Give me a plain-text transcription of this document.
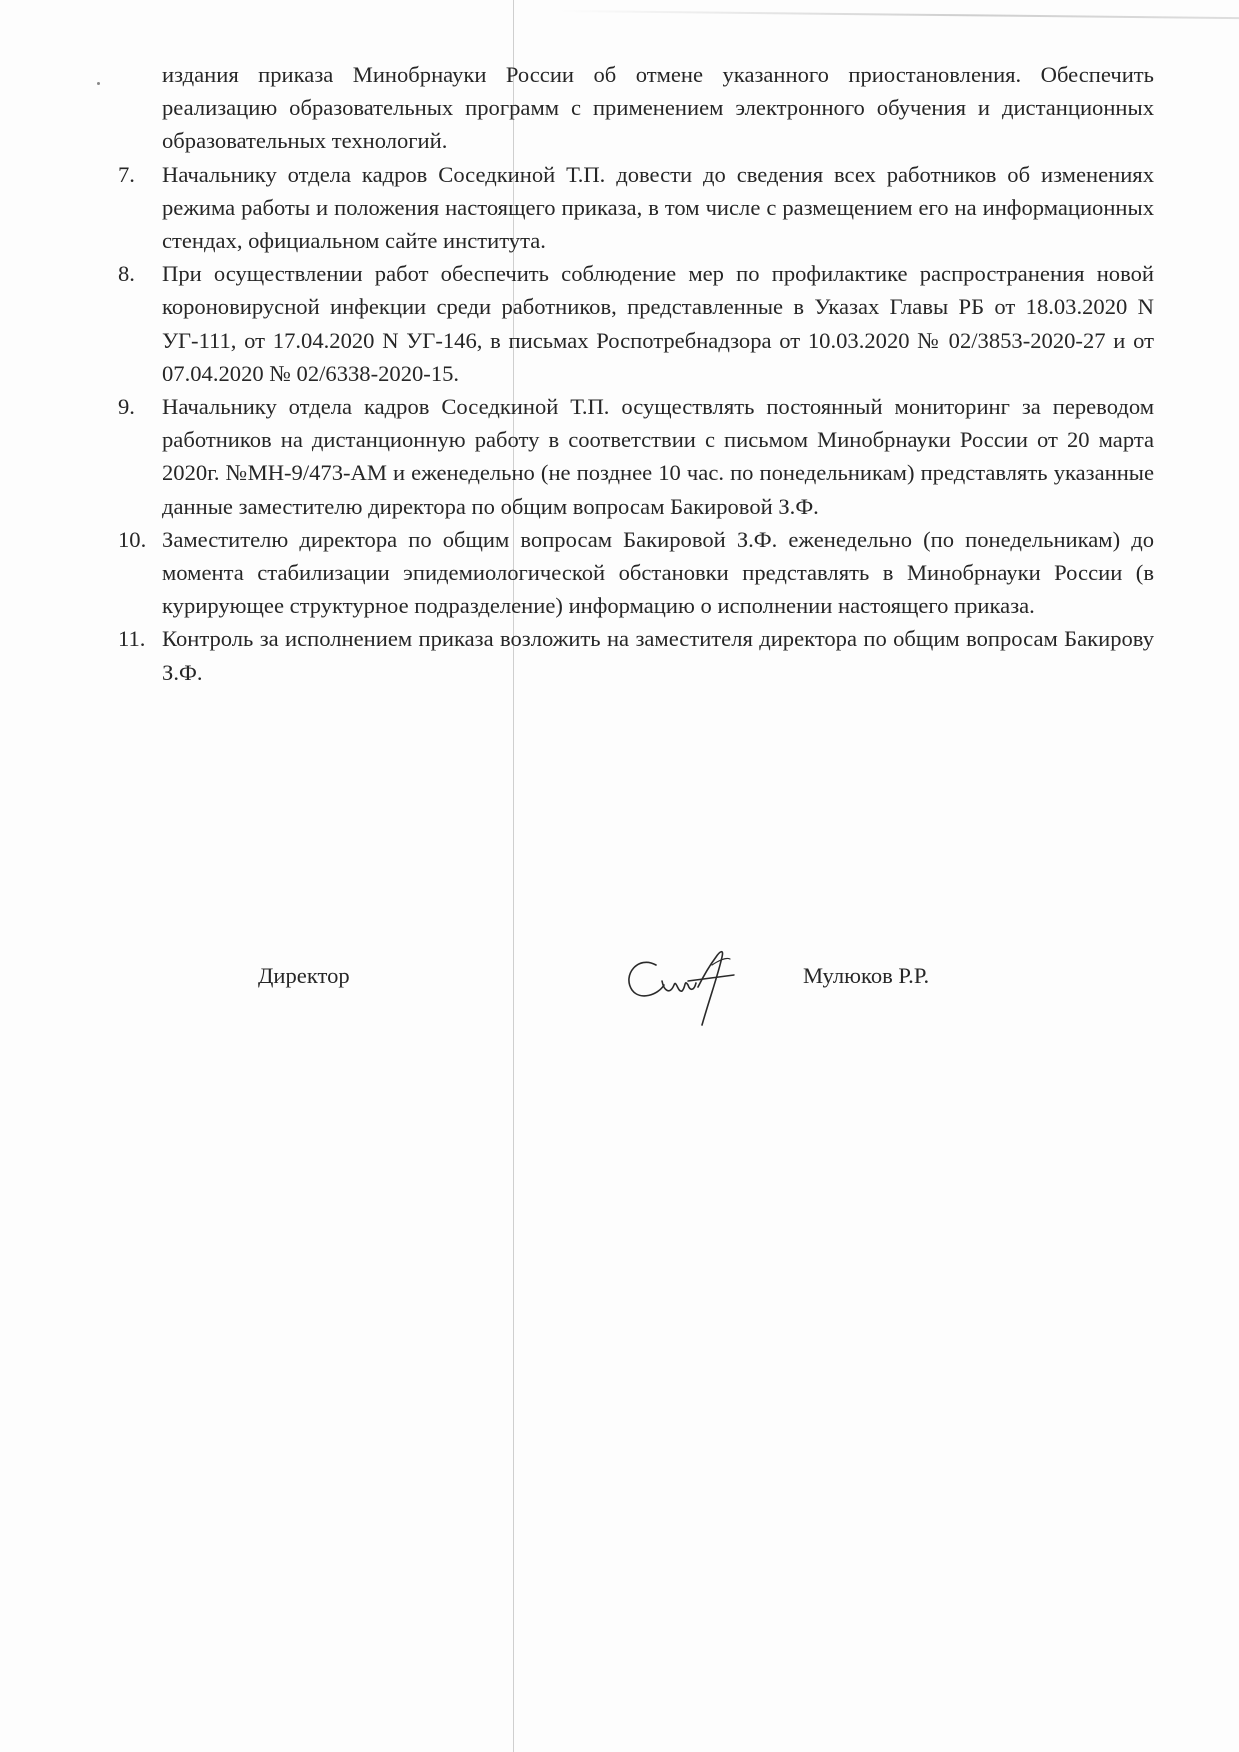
издания приказа Минобрнауки России об отмене указанного приостановления. Обеспечить реализацию образовательных программ с применением электронного обучения и дистанционных образовательных технологий.

7.	Начальнику отдела кадров Соседкиной Т.П. довести до сведения всех работников об изменениях режима работы и положения настоящего приказа, в том числе с размещением его на информационных стендах, официальном сайте института.
8.	При осуществлении работ обеспечить соблюдение мер по профилактике распространения новой короновирусной инфекции среди работников, представленные в Указах Главы РБ от 18.03.2020 N УГ-111, от 17.04.2020 N УГ-146, в письмах Роспотребнадзора от 10.03.2020 № 02/3853-2020-27 и от 07.04.2020 № 02/6338-2020-15.
9.	Начальнику отдела кадров Соседкиной Т.П. осуществлять постоянный мониторинг за переводом работников на дистанционную работу в соответствии с письмом Минобрнауки России от 20 марта 2020г. №МН-9/473-АМ и еженедельно (не позднее 10 час. по понедельникам) представлять указанные данные заместителю директора по общим вопросам Бакировой З.Ф.
10. Заместителю директора по общим вопросам Бакировой З.Ф. еженедельно (по понедельникам) до момента стабилизации эпидемиологической обстановки представлять в Минобрнауки России (в курирующее структурное подразделение) информацию о исполнении настоящего приказа.
11. Контроль за исполнением приказа возложить на заместителя директора по общим вопросам Бакирову З.Ф.
Директор	Мулюков Р.Р.
